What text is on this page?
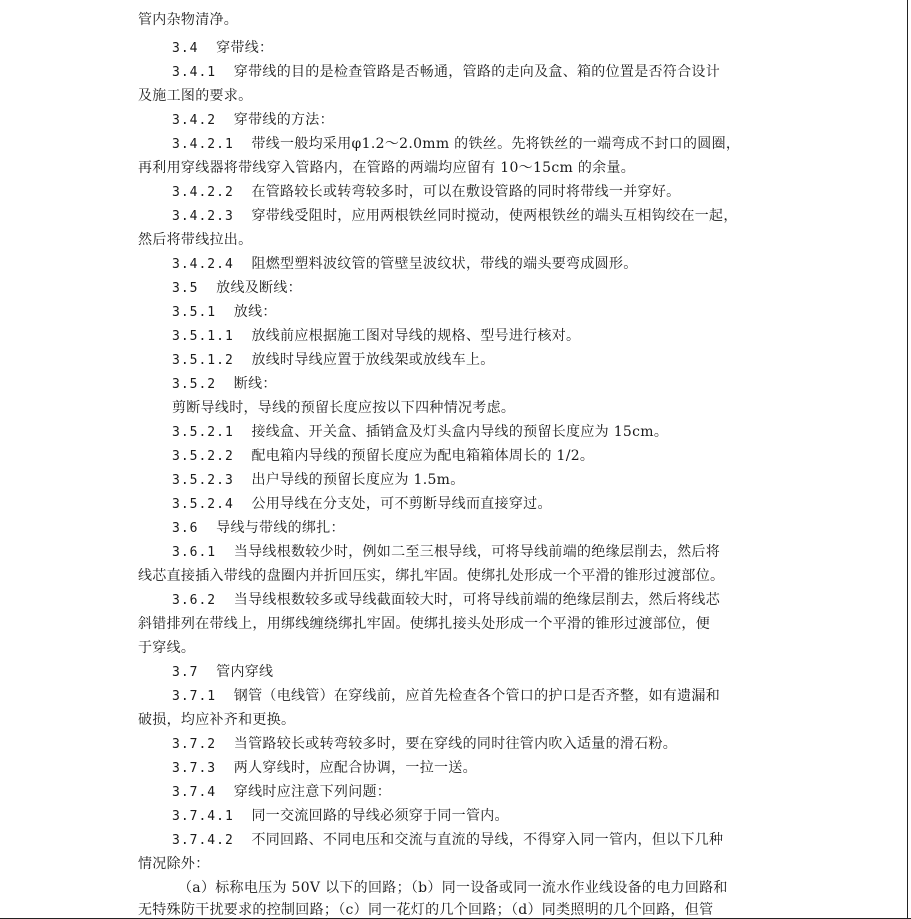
管内杂物清净。
3.4  穿带线：
3.4.1  穿带线的目的是检查管路是否畅通，管路的走向及盒、箱的位置是否符合设计
及施工图的要求。
3.4.2  穿带线的方法：
3.4.2.1  带线一般均采用φ1.2～2.0mm 的铁丝。先将铁丝的一端弯成不封口的圆圈，
再利用穿线器将带线穿入管路内，在管路的两端均应留有 10～15cm 的余量。
3.4.2.2  在管路较长或转弯较多时，可以在敷设管路的同时将带线一并穿好。
3.4.2.3  穿带线受阻时，应用两根铁丝同时搅动，使两根铁丝的端头互相钩绞在一起，
然后将带线拉出。
3.4.2.4  阻燃型塑料波纹管的管壁呈波纹状，带线的端头要弯成圆形。
3.5  放线及断线：
3.5.1  放线：
3.5.1.1  放线前应根据施工图对导线的规格、型号进行核对。
3.5.1.2  放线时导线应置于放线架或放线车上。
3.5.2  断线：
剪断导线时，导线的预留长度应按以下四种情况考虑。
3.5.2.1  接线盒、开关盒、插销盒及灯头盒内导线的预留长度应为 15cm。
3.5.2.2  配电箱内导线的预留长度应为配电箱箱体周长的 1/2。
3.5.2.3  出户导线的预留长度应为 1.5m。
3.5.2.4  公用导线在分支处，可不剪断导线而直接穿过。
3.6  导线与带线的绑扎：
3.6.1  当导线根数较少时，例如二至三根导线，可将导线前端的绝缘层削去，然后将
线芯直接插入带线的盘圈内并折回压实，绑扎牢固。使绑扎处形成一个平滑的锥形过渡部位。
3.6.2  当导线根数较多或导线截面较大时，可将导线前端的绝缘层削去，然后将线芯
斜错排列在带线上，用绑线缠绕绑扎牢固。使绑扎接头处形成一个平滑的锥形过渡部位，便
于穿线。
3.7  管内穿线
3.7.1  钢管（电线管）在穿线前，应首先检查各个管口的护口是否齐整，如有遗漏和
破损，均应补齐和更换。
3.7.2  当管路较长或转弯较多时，要在穿线的同时往管内吹入适量的滑石粉。
3.7.3  两人穿线时，应配合协调，一拉一送。
3.7.4  穿线时应注意下列问题：
3.7.4.1  同一交流回路的导线必须穿于同一管内。
3.7.4.2  不同回路、不同电压和交流与直流的导线，不得穿入同一管内，但以下几种
情况除外：
（a）标称电压为 50V 以下的回路；（b）同一设备或同一流水作业线设备的电力回路和
无特殊防干扰要求的控制回路；（c）同一花灯的几个回路；（d）同类照明的几个回路，但管
